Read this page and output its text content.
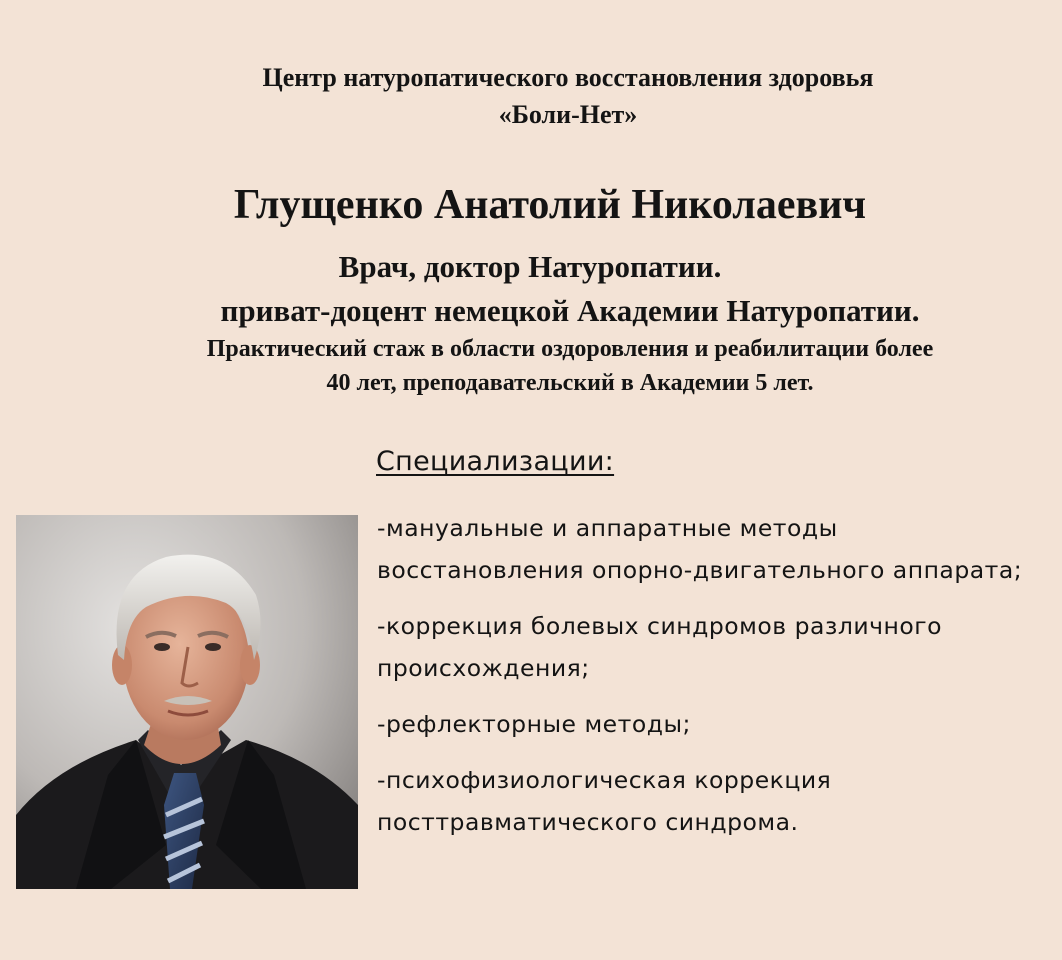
Центр натуропатического восстановления здоровья
«Боли-Нет»
Глущенко Анатолий Николаевич
Врач, доктор Натуропатии.
приват-доцент немецкой Академии Натуропатии.
Практический стаж в области оздоровления и реабилитации более
40 лет, преподавательский в Академии 5 лет.
Специализации:
-мануальные и аппаратные методы восстановления опорно-двигательного аппарата;
-коррекция болевых синдромов различного происхождения;
-рефлекторные методы;
-психофизиологическая коррекция посттравматического синдрома.
